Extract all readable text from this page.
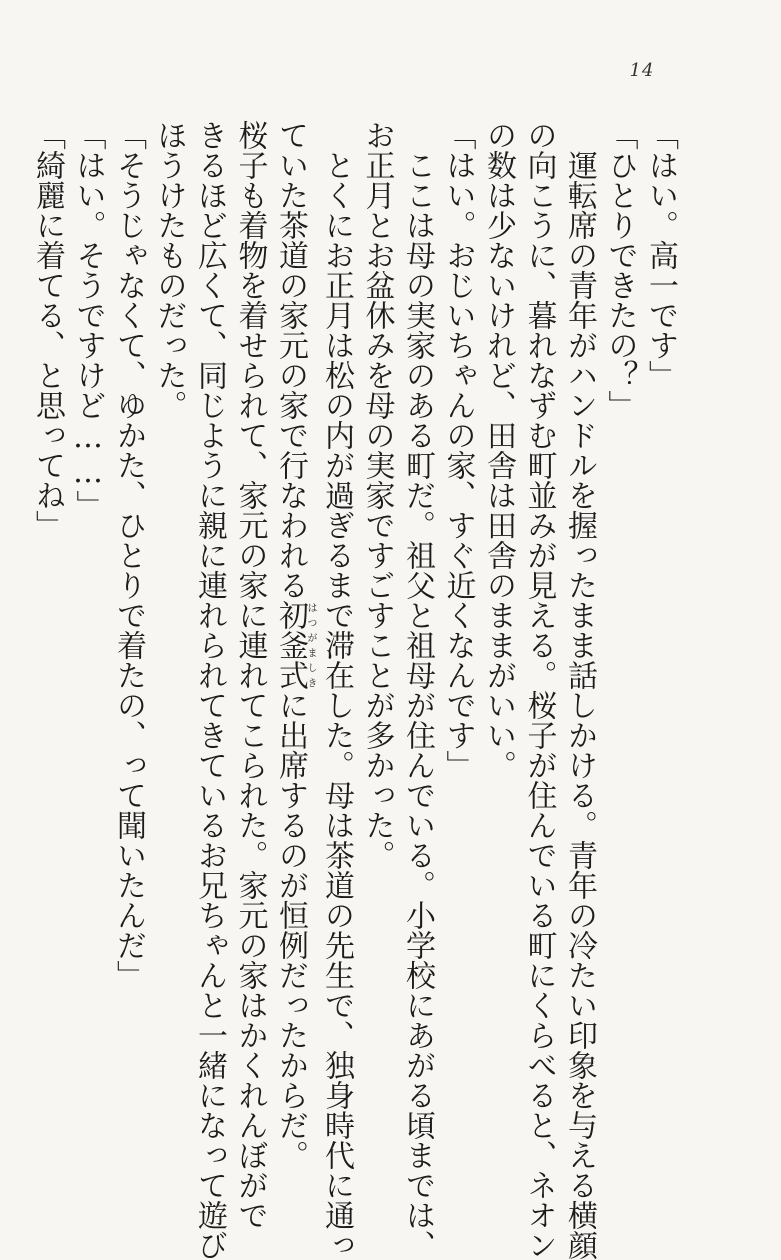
14
「はい。高一です」
「ひとりできたの？」
　運転席の青年がハンドルを握ったまま話しかける。青年の冷たい印象を与える横顔
の向こうに、暮れなずむ町並みが見える。桜子が住んでいる町にくらべると、ネオン
の数は少ないけれど、田舎は田舎のままがいい。
「はい。おじいちゃんの家、すぐ近くなんです」
　ここは母の実家のある町だ。祖父と祖母が住んでいる。小学校にあがる頃までは、
お正月とお盆休みを母の実家ですごすことが多かった。
　とくにお正月は松の内が過ぎるまで滞在した。母は茶道の先生で、独身時代に通っ
ていた茶道の家元の家で行なわれる初釜はつがま式しきに出席するのが恒例だったからだ。
桜子も着物を着せられて、家元の家に連れてこられた。家元の家はかくれんぼがで
きるほど広くて、同じように親に連れられてきているお兄ちゃんと一緒になって遊び
ほうけたものだった。
「そうじゃなくて、ゆかた、ひとりで着たの、って聞いたんだ」
「はい。そうですけど……」
「綺麗に着てる、と思ってね」
